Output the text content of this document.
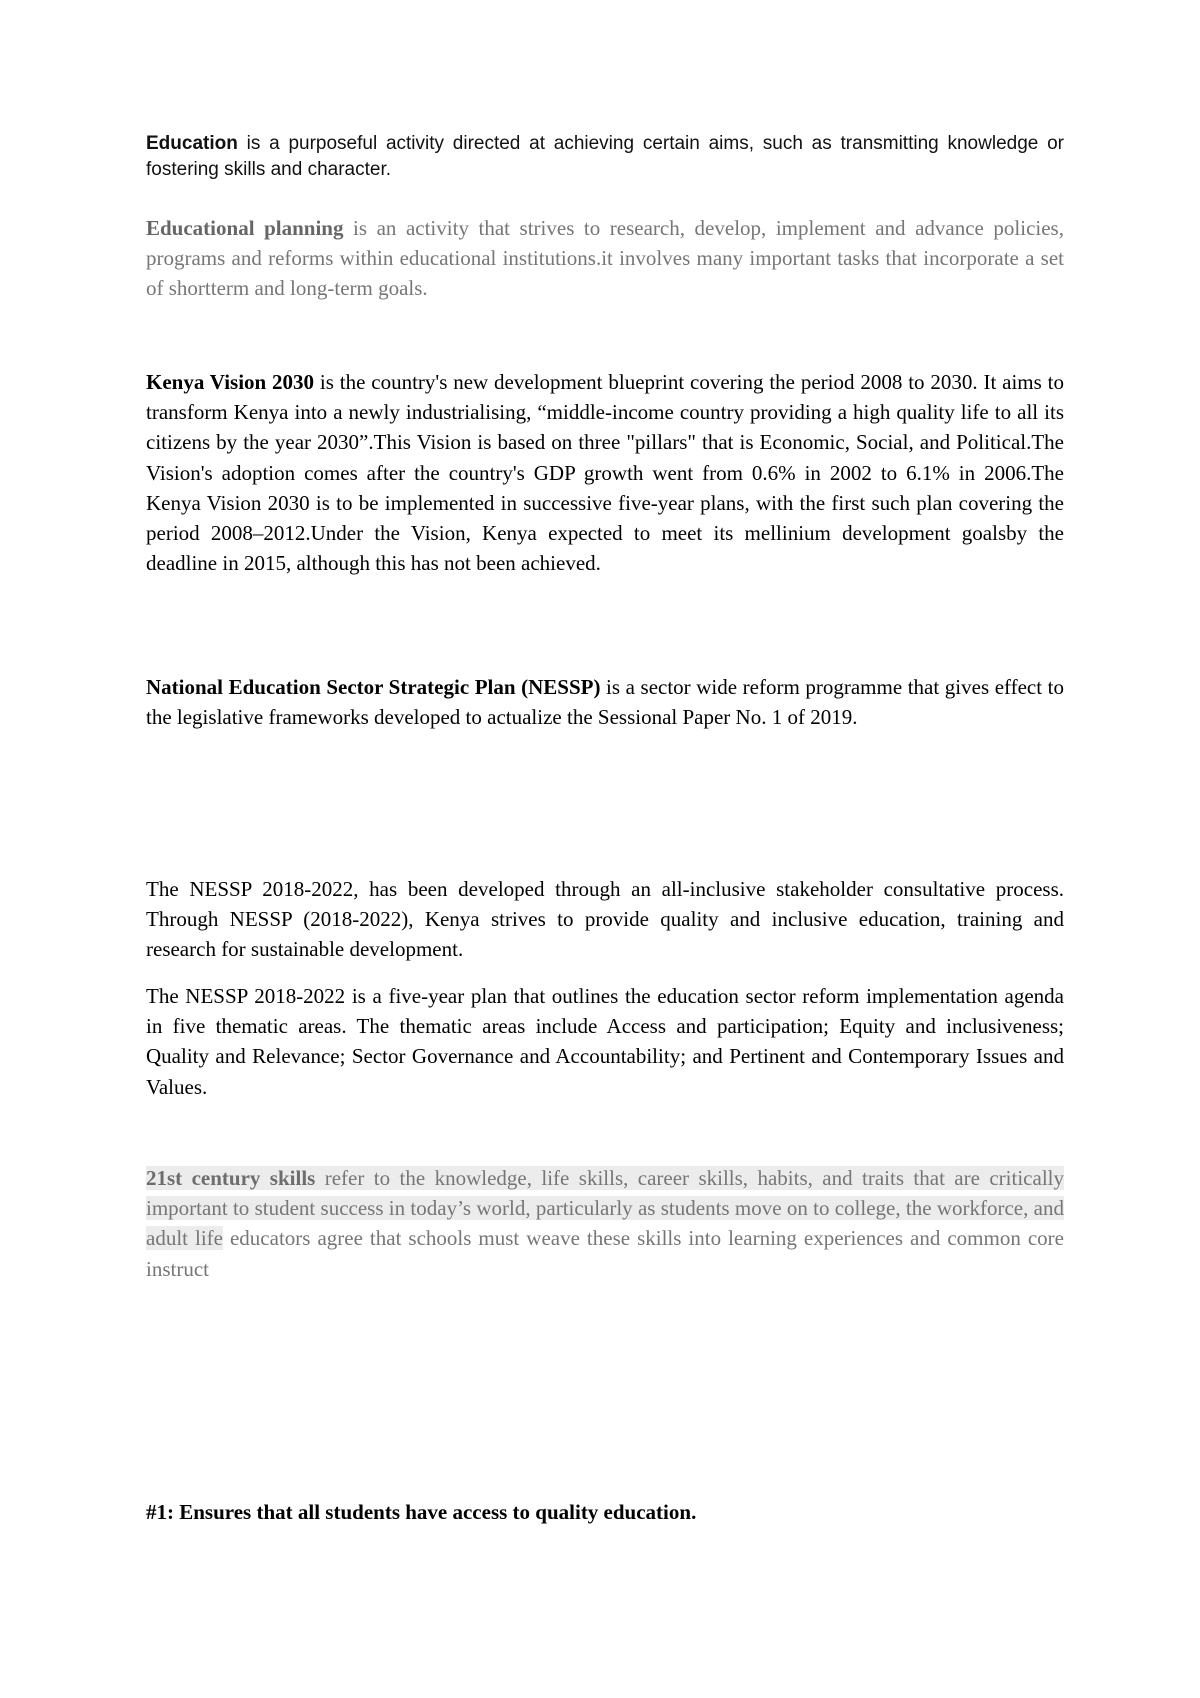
Education is a purposeful activity directed at achieving certain aims, such as transmitting knowledge or fostering skills and character.

Educational planning is an activity that strives to research, develop, implement and advance policies, programs and reforms within educational institutions.it involves many important tasks that incorporate a set of shortterm and long-term goals.

Kenya Vision 2030 is the country's new development blueprint covering the period 2008 to 2030. It aims to transform Kenya into a newly industrialising, “middle-income country providing a high quality life to all its citizens by the year 2030”.This Vision is based on three "pillars" that is Economic, Social, and Political.The Vision's adoption comes after the country's GDP growth went from 0.6% in 2002 to 6.1% in 2006.The Kenya Vision 2030 is to be implemented in successive five-year plans, with the first such plan covering the period 2008–2012.Under the Vision, Kenya expected to meet its mellinium development goalsby the deadline in 2015, although this has not been achieved.

National Education Sector Strategic Plan (NESSP) is a sector wide reform programme that gives effect to the legislative frameworks developed to actualize the Sessional Paper No. 1 of 2019.

The NESSP 2018-2022, has been developed through an all-inclusive stakeholder consultative process. Through NESSP (2018-2022), Kenya strives to provide quality and inclusive education, training and research for sustainable development.

The NESSP 2018-2022 is a five-year plan that outlines the education sector reform implementation agenda in five thematic areas. The thematic areas include Access and participation; Equity and inclusiveness; Quality and Relevance; Sector Governance and Accountability; and Pertinent and Contemporary Issues and Values.

21st century skills refer to the knowledge, life skills, career skills, habits, and traits that are critically important to student success in today’s world, particularly as students move on to college, the workforce, and adult life educators agree that schools must weave these skills into learning experiences and common core instruct

#1: Ensures that all students have access to quality education.
